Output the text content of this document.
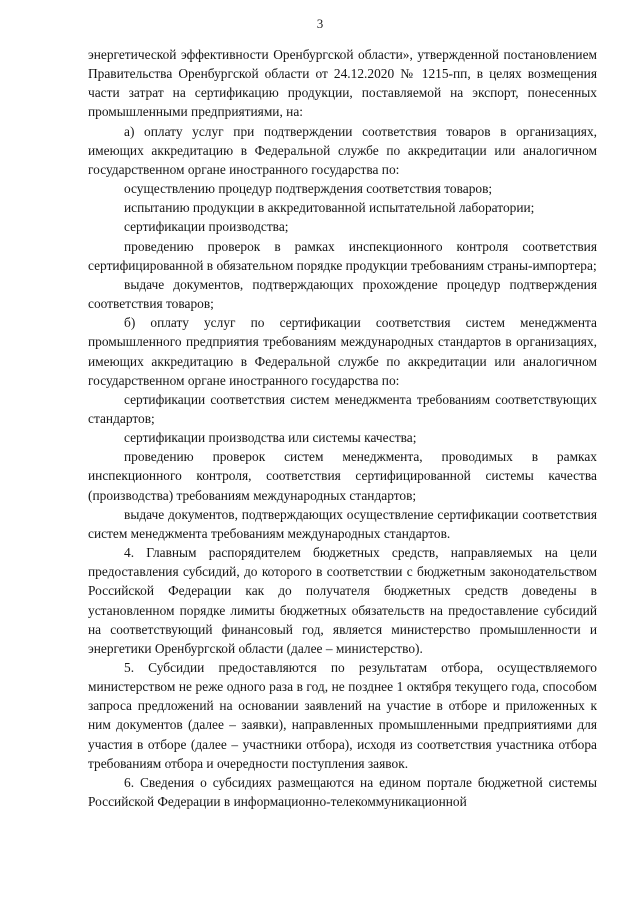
3

энергетической эффективности Оренбургской области», утвержденной постановлением Правительства Оренбургской области от 24.12.2020 № 1215-пп, в целях возмещения части затрат на сертификацию продукции, поставляемой на экспорт, понесенных промышленными предприятиями, на:

а) оплату услуг при подтверждении соответствия товаров в организациях, имеющих аккредитацию в Федеральной службе по аккредитации или аналогичном государственном органе иностранного государства по:

осуществлению процедур подтверждения соответствия товаров;

испытанию продукции в аккредитованной испытательной лаборатории;

сертификации производства;

проведению проверок в рамках инспекционного контроля соответствия сертифицированной в обязательном порядке продукции требованиям страны-импортера;

выдаче документов, подтверждающих прохождение процедур подтверждения соответствия товаров;

б) оплату услуг по сертификации соответствия систем менеджмента промышленного предприятия требованиям международных стандартов в организациях, имеющих аккредитацию в Федеральной службе по аккредитации или аналогичном государственном органе иностранного государства по:

сертификации соответствия систем менеджмента требованиям соответствующих стандартов;

сертификации производства или системы качества;

проведению проверок систем менеджмента, проводимых в рамках инспекционного контроля, соответствия сертифицированной системы качества (производства) требованиям международных стандартов;

выдаче документов, подтверждающих осуществление сертификации соответствия систем менеджмента требованиям международных стандартов.

4. Главным распорядителем бюджетных средств, направляемых на цели предоставления субсидий, до которого в соответствии с бюджетным законодательством Российской Федерации как до получателя бюджетных средств доведены в установленном порядке лимиты бюджетных обязательств на предоставление субсидий на соответствующий финансовый год, является министерство промышленности и энергетики Оренбургской области (далее – министерство).

5. Субсидии предоставляются по результатам отбора, осуществляемого министерством не реже одного раза в год, не позднее 1 октября текущего года, способом запроса предложений на основании заявлений на участие в отборе и приложенных к ним документов (далее – заявки), направленных промышленными предприятиями для участия в отборе (далее – участники отбора), исходя из соответствия участника отбора требованиям отбора и очередности поступления заявок.

6. Сведения о субсидиях размещаются на едином портале бюджетной системы Российской Федерации в информационно-телекоммуникационной
